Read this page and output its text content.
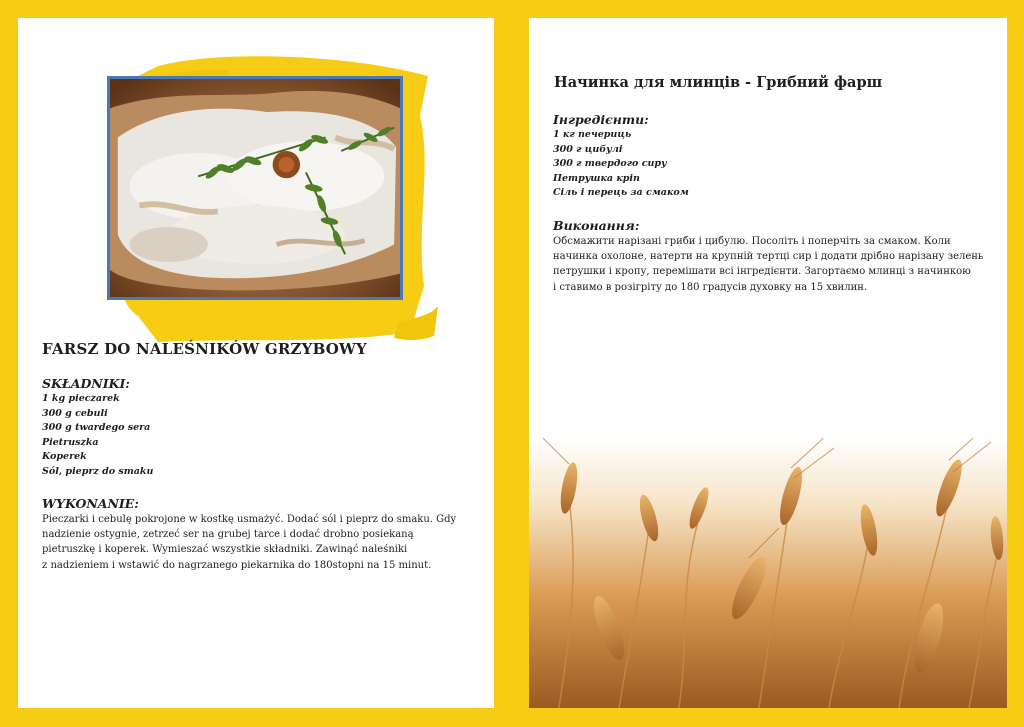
FARSZ DO NALEŚNIKÓW GRZYBOWY
SKŁADNIKI:
1 kg pieczarek
300 g cebuli
300 g twardego sera
Pietruszka
Koperek
Sól, pieprz do smaku
WYKONANIE:

Pieczarki i cebulę pokrojone w kostkę usmażyć. Dodać sól i pieprz do smaku. Gdy
nadzienie ostygnie, zetrzeć ser na grubej tarce i dodać drobno posiekaną
pietruszkę i koperek. Wymieszać wszystkie składniki. Zawinąć naleśniki
z nadzieniem i wstawić do nagrzanego piekarnika do 180stopni na 15 minut.

Начинка для млинців - Грибний фарш
Інгредієнти:
1 кг печериць
300 г цибулі
300 г твердого сиру
Петрушка крiп
Сіль і перець за смаком
Виконання:

Обсмажити нарізані гриби і цибулю. Посоліть і поперчіть за смаком. Коли
начинка охолоне, натерти на крупній тертці сир і додати дрібно нарізану зелень
петрушки і кропу, перемішати всі інгредієнти. Загортаємо млинці з начинкою
і ставимо в розігріту до 180 градусів духовку на 15 хвилин.
